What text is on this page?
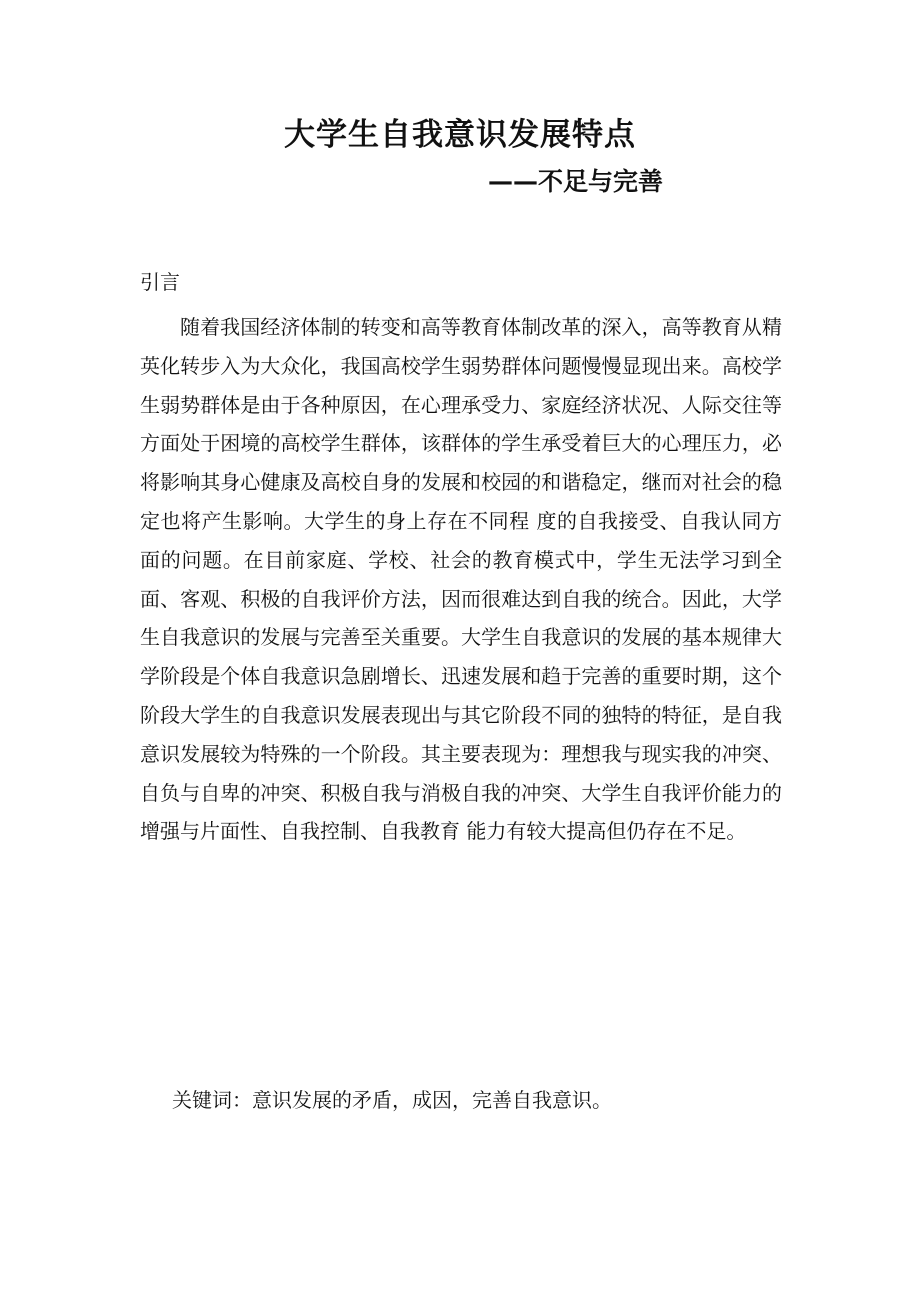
大学生自我意识发展特点
——不足与完善
引言

随着我国经济体制的转变和高等教育体制改革的深入，高等教育从精英化转步入为大众化，我国高校学生弱势群体问题慢慢显现出来。高校学生弱势群体是由于各种原因，在心理承受力、家庭经济状况、人际交往等方面处于困境的高校学生群体，该群体的学生承受着巨大的心理压力，必将影响其身心健康及高校自身的发展和校园的和谐稳定，继而对社会的稳定也将产生影响。大学生的身上存在不同程 度的自我接受、自我认同方面的问题。在目前家庭、学校、社会的教育模式中，学生无法学习到全面、客观、积极的自我评价方法，因而很难达到自我的统合。因此，大学生自我意识的发展与完善至关重要。大学生自我意识的发展的基本规律大学阶段是个体自我意识急剧增长、迅速发展和趋于完善的重要时期，这个阶段大学生的自我意识发展表现出与其它阶段不同的独特的特征，是自我意识发展较为特殊的一个阶段。其主要表现为：理想我与现实我的冲突、自负与自卑的冲突、积极自我与消极自我的冲突、大学生自我评价能力的增强与片面性、自我控制、自我教育 能力有较大提高但仍存在不足。

关键词：意识发展的矛盾，成因，完善自我意识。
